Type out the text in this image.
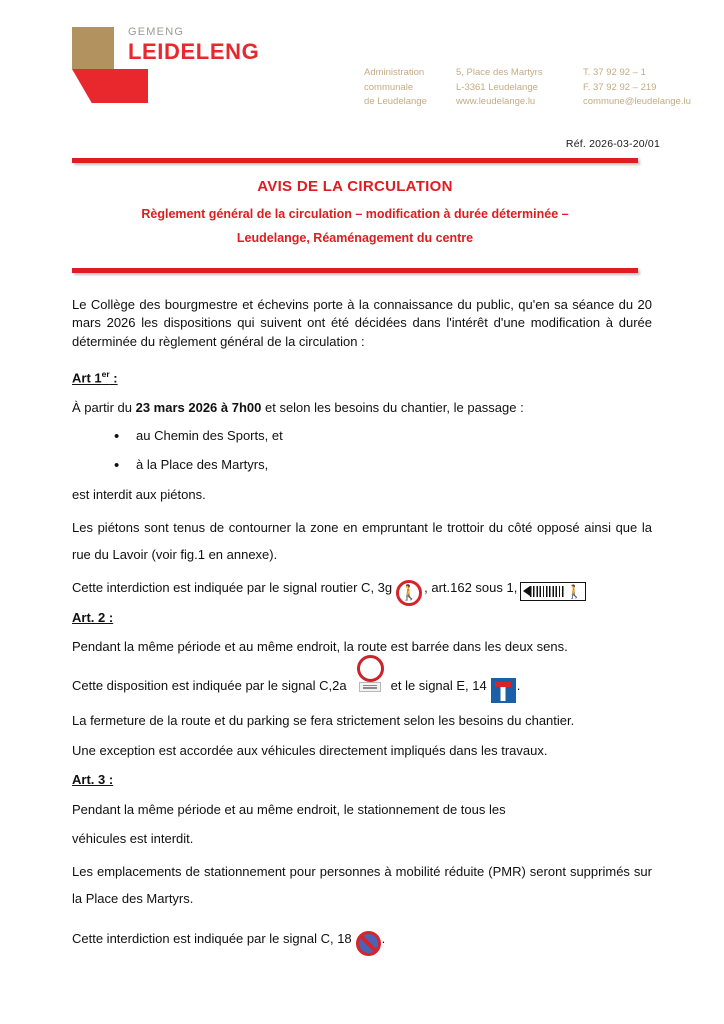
GEMENG
LEIDELENG
Administration
communale
de Leudelange
5, Place des Martyrs
L-3361 Leudelange
www.leudelange.lu
T. 37 92 92 – 1
F. 37 92 92 – 219
commune@leudelange.lu
Réf. 2026-03-20/01
AVIS DE LA CIRCULATION
Règlement général de la circulation – modification à durée déterminée –
Leudelange, Réaménagement du centre

Le Collège des bourgmestre et échevins porte à la connaissance du public, qu'en sa séance du 20 mars 2026 les dispositions qui suivent ont été décidées dans l'intérêt d'une modification à durée déterminée du règlement général de la circulation :

Art 1er :

À partir du 23 mars 2026 à 7h00 et selon les besoins du chantier, le passage :

• au Chemin des Sports, et
• à la Place des Martyrs,

est interdit aux piétons.

Les piétons sont tenus de contourner la zone en empruntant le trottoir du côté opposé ainsi que la rue du Lavoir (voir fig.1 en annexe).

Cette interdiction est indiquée par le signal routier C, 3g 🚶 , art.162 sous 1,	🚶

Art. 2 :

Pendant la même période et au même endroit, la route est barrée dans les deux sens.

Cette disposition est indiquée par le signal C,2a	et le signal E, 14 .

La fermeture de la route et du parking se fera strictement selon les besoins du chantier.

Une exception est accordée aux véhicules directement impliqués dans les travaux.

Art. 3 :

Pendant la même période et au même endroit, le stationnement de tous les

véhicules est interdit.

Les emplacements de stationnement pour personnes à mobilité réduite (PMR) seront supprimés sur la Place des Martyrs.

Cette interdiction est indiquée par le signal C, 18 .
